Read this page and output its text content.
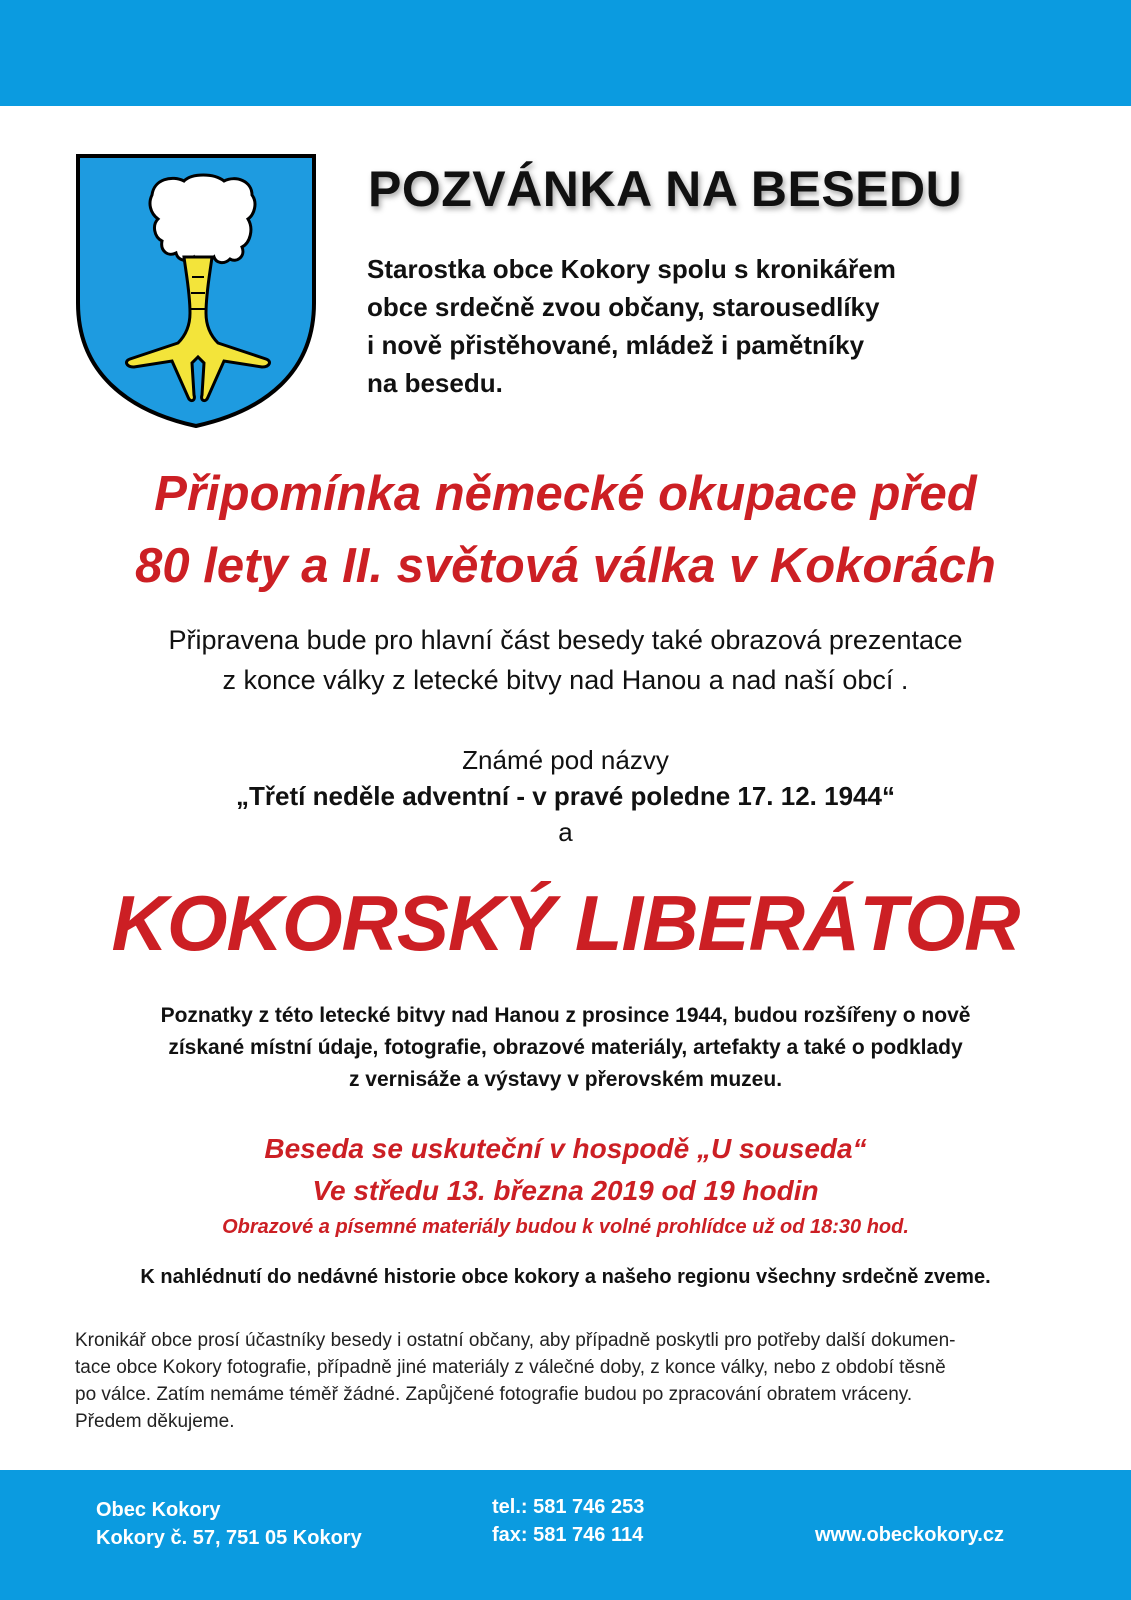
POZVÁNKA NA BESEDU
Starostka obce Kokory spolu s kronikářem
obce srdečně zvou občany, starousedlíky
i nově přistěhované, mládež i pamětníky
na besedu.
Připomínka německé okupace před
80 lety a II. světová válka v Kokorách
Připravena bude pro hlavní část besedy také obrazová prezentace
z konce války z letecké bitvy nad Hanou a nad naší obcí .
Známé pod názvy
„Třetí neděle adventní - v pravé poledne 17. 12. 1944“
a
KOKORSKÝ LIBERÁTOR
Poznatky z této letecké bitvy nad Hanou z prosince 1944, budou rozšířeny o nově
získané místní údaje, fotografie, obrazové materiály, artefakty a také o podklady
z vernisáže a výstavy v přerovském muzeu.
Beseda se uskuteční v hospodě „U souseda“
Ve středu 13. března 2019 od 19 hodin
Obrazové a písemné materiály budou k volné prohlídce už od 18:30 hod.
K nahlédnutí do nedávné historie obce kokory a našeho regionu všechny srdečně zveme.
Kronikář obce prosí účastníky besedy i ostatní občany, aby případně poskytli pro potřeby další dokumen-
tace obce Kokory fotografie, případně jiné materiály z válečné doby, z konce války, nebo z období těsně
po válce. Zatím nemáme téměř žádné. Zapůjčené fotografie budou po zpracování obratem vráceny.
Předem děkujeme.
Obec Kokory
Kokory č. 57, 751 05 Kokory
tel.: 581 746 253
fax: 581 746 114	www.obeckokory.cz
